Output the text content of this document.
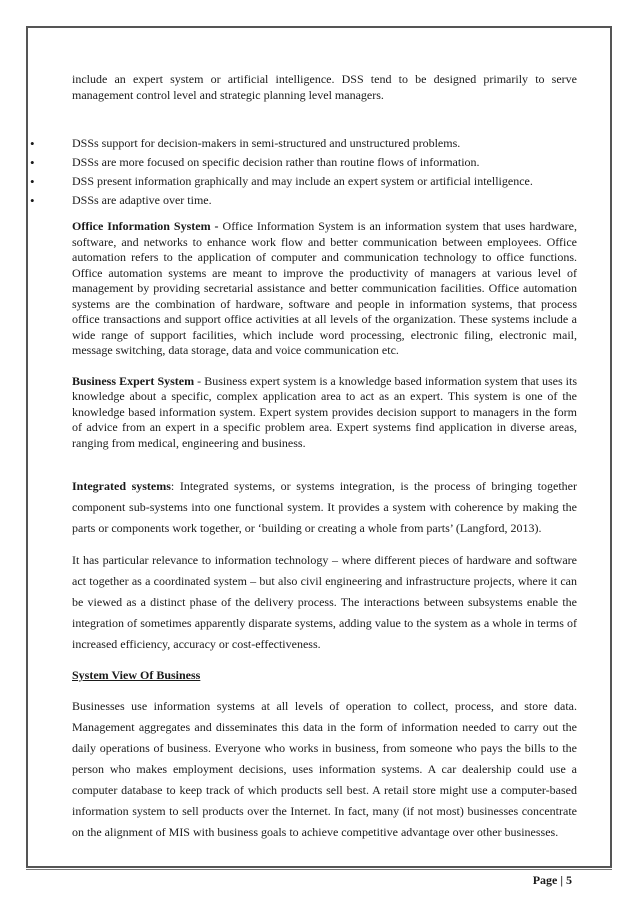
include an expert system or artificial intelligence. DSS tend to be designed primarily to serve management control level and strategic planning level managers.

•	DSSs support for decision-makers in semi-structured and unstructured problems.
•	DSSs are more focused on specific decision rather than routine flows of information.
•	DSS present information graphically and may include an expert system or artificial intelligence.
•	DSSs are adaptive over time.

Office Information System - Office Information System is an information system that uses hardware, software, and networks to enhance work flow and better communication between employees. Office automation refers to the application of computer and communication technology to office functions. Office automation systems are meant to improve the productivity of managers at various level of management by providing secretarial assistance and better communication facilities. Office automation systems are the combination of hardware, software and people in information systems, that process office transactions and support office activities at all levels of the organization. These systems include a wide range of support facilities, which include word processing, electronic filing, electronic mail, message switching, data storage, data and voice communication etc.

Business Expert System - Business expert system is a knowledge based information system that uses its knowledge about a specific, complex application area to act as an expert. This system is one of the knowledge based information system. Expert system provides decision support to managers in the form of advice from an expert in a specific problem area. Expert systems find application in diverse areas, ranging from medical, engineering and business.

Integrated systems: Integrated systems, or systems integration, is the process of bringing together component sub-systems into one functional system. It provides a system with coherence by making the parts or components work together, or ‘building or creating a whole from parts’ (Langford, 2013).

It has particular relevance to information technology – where different pieces of hardware and software act together as a coordinated system – but also civil engineering and infrastructure projects, where it can be viewed as a distinct phase of the delivery process. The interactions between subsystems enable the integration of sometimes apparently disparate systems, adding value to the system as a whole in terms of increased efficiency, accuracy or cost-effectiveness.

System View Of Business

Businesses use information systems at all levels of operation to collect, process, and store data. Management aggregates and disseminates this data in the form of information needed to carry out the daily operations of business. Everyone who works in business, from someone who pays the bills to the person who makes employment decisions, uses information systems. A car dealership could use a computer database to keep track of which products sell best. A retail store might use a computer-based information system to sell products over the Internet. In fact, many (if not most) businesses concentrate on the alignment of MIS with business goals to achieve competitive advantage over other businesses.

Page | 5
